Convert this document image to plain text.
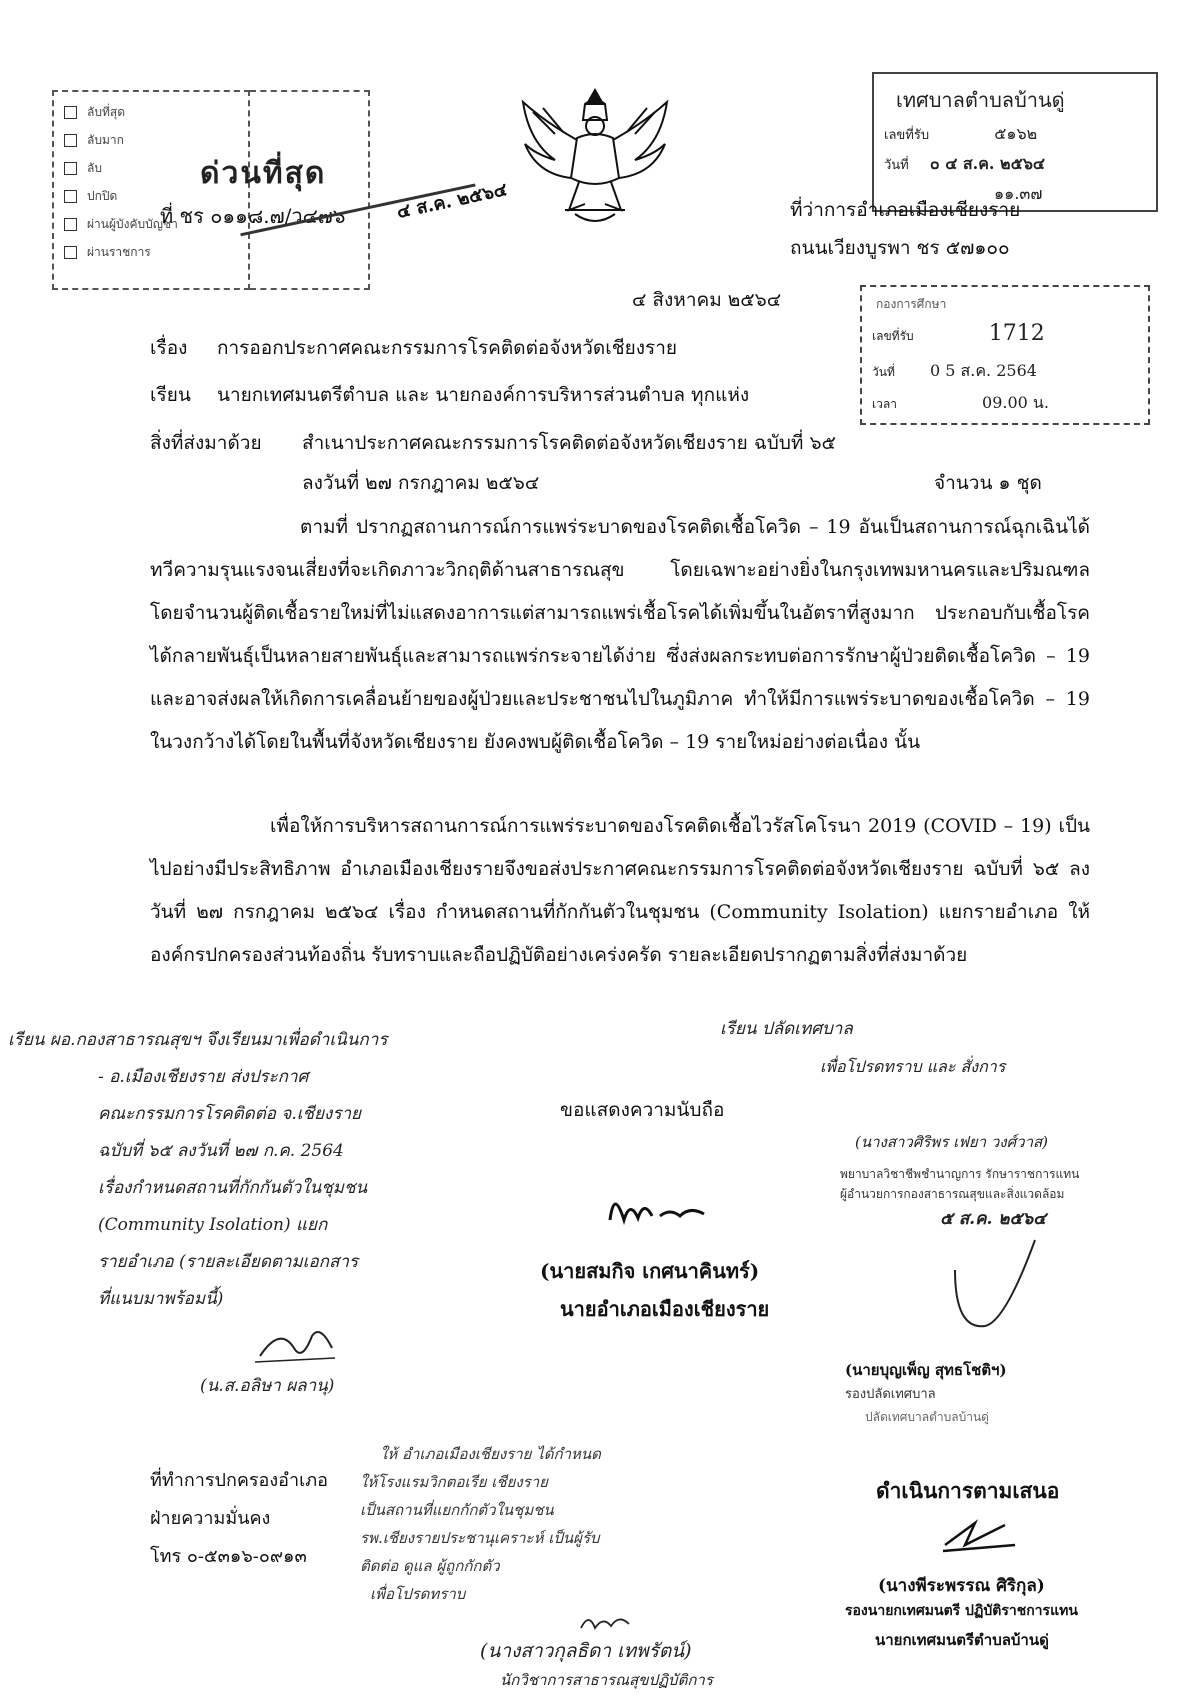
ลับที่สุด
ลับมาก
ลับ
ปกปิด
ผ่านผู้บังคับบัญชา
ผ่านราชการ
ด่วนที่สุด
ที่ ชร ๐๑๑๘.๗/ว๔๗๖	๔ ส.ค. ๒๕๖๔
เทศบาลตำบลบ้านดู่
เลขที่รับ	๕๑๖๒
วันที่ ๐ ๔ ส.ค. ๒๕๖๔
๑๑.๓๗
ที่ว่าการอำเภอเมืองเชียงราย
ถนนเวียงบูรพา ชร ๕๗๑๐๐
กองการศึกษา
เลขที่รับ	1712
วันที่ 0 5 ส.ค. 2564
เวลา	09.00 น.
๔ สิงหาคม ๒๕๖๔
เรื่อง การออกประกาศคณะกรรมการโรคติดต่อจังหวัดเชียงราย
เรียน นายกเทศมนตรีตำบล และ นายกองค์การบริหารส่วนตำบล ทุกแห่ง
สิ่งที่ส่งมาด้วย สำเนาประกาศคณะกรรมการโรคติดต่อจังหวัดเชียงราย ฉบับที่ ๖๕
ลงวันที่ ๒๗ กรกฎาคม ๒๕๖๔	จำนวน ๑ ชุด
ตามที่ ปรากฏสถานการณ์การแพร่ระบาดของโรคติดเชื้อโควิด – 19 อันเป็นสถานการณ์ฉุกเฉินได้ทวีความรุนแรงจนเสี่ยงที่จะเกิดภาวะวิกฤติด้านสาธารณสุข โดยเฉพาะอย่างยิ่งในกรุงเทพมหานครและปริมณฑล โดยจำนวนผู้ติดเชื้อรายใหม่ที่ไม่แสดงอาการแต่สามารถแพร่เชื้อโรคได้เพิ่มขึ้นในอัตราที่สูงมาก ประกอบกับเชื้อโรคได้กลายพันธุ์เป็นหลายสายพันธุ์และสามารถแพร่กระจายได้ง่าย ซึ่งส่งผลกระทบต่อการรักษาผู้ป่วยติดเชื้อโควิด – 19 และอาจส่งผลให้เกิดการเคลื่อนย้ายของผู้ป่วยและประชาชนไปในภูมิภาค ทำให้มีการแพร่ระบาดของเชื้อโควิด – 19 ในวงกว้างได้โดยในพื้นที่จังหวัดเชียงราย ยังคงพบผู้ติดเชื้อโควิด – 19 รายใหม่อย่างต่อเนื่อง นั้น
เพื่อให้การบริหารสถานการณ์การแพร่ระบาดของโรคติดเชื้อไวรัสโคโรนา 2019 (COVID – 19) เป็นไปอย่างมีประสิทธิภาพ อำเภอเมืองเชียงรายจึงขอส่งประกาศคณะกรรมการโรคติดต่อจังหวัดเชียงราย ฉบับที่ ๖๕ ลงวันที่ ๒๗ กรกฎาคม ๒๕๖๔ เรื่อง กำหนดสถานที่กักกันตัวในชุมชน (Community Isolation) แยกรายอำเภอ ให้องค์กรปกครองส่วนท้องถิ่น รับทราบและถือปฏิบัติอย่างเคร่งครัด รายละเอียดปรากฏตามสิ่งที่ส่งมาด้วย
เรียน ผอ.กองสาธารณสุขฯ จึงเรียนมาเพื่อดำเนินการ
- อ.เมืองเชียงราย ส่งประกาศ
คณะกรรมการโรคติดต่อ จ.เชียงราย
ฉบับที่ ๖๕ ลงวันที่ ๒๗ ก.ค. 2564
เรื่องกำหนดสถานที่กักกันตัวในชุมชน
(Community Isolation) แยก
รายอำเภอ (รายละเอียดตามเอกสาร
ที่แนบมาพร้อมนี้)
(น.ส.อลิษา ผลานุ)
ขอแสดงความนับถือ
(นายสมกิจ เกศนาคินทร์)
นายอำเภอเมืองเชียงราย
เรียน ปลัดเทศบาล
เพื่อโปรดทราบ และ สั่งการ
(นางสาวศิริพร เฟยา วงศ์วาส)
พยาบาลวิชาชีพชำนาญการ รักษาราชการแทน
ผู้อำนวยการกองสาธารณสุขและสิ่งแวดล้อม
๕ ส.ค. ๒๕๖๔
(นายบุญเพ็ญ สุทธโชติฯ)
รองปลัดเทศบาล
ปลัดเทศบาลตำบลบ้านดู่
ดำเนินการตามเสนอ
(นางพีระพรรณ ศิริกุล)
รองนายกเทศมนตรี ปฏิบัติราชการแทน
นายกเทศมนตรีตำบลบ้านดู่
ที่ทำการปกครองอำเภอ
ฝ่ายความมั่นคง
โทร ๐-๕๓๑๖-๐๙๑๓
ให้ อำเภอเมืองเชียงราย ได้กำหนด
ให้โรงแรมวิกตอเรีย เชียงราย
เป็นสถานที่แยกกักตัวในชุมชน
รพ.เชียงรายประชานุเคราะห์ เป็นผู้รับ
ติดต่อ ดูแล ผู้ถูกกักตัว
เพื่อโปรดทราบ
(นางสาวกุลธิดา เทพรัตน์)
นักวิชาการสาธารณสุขปฏิบัติการ
